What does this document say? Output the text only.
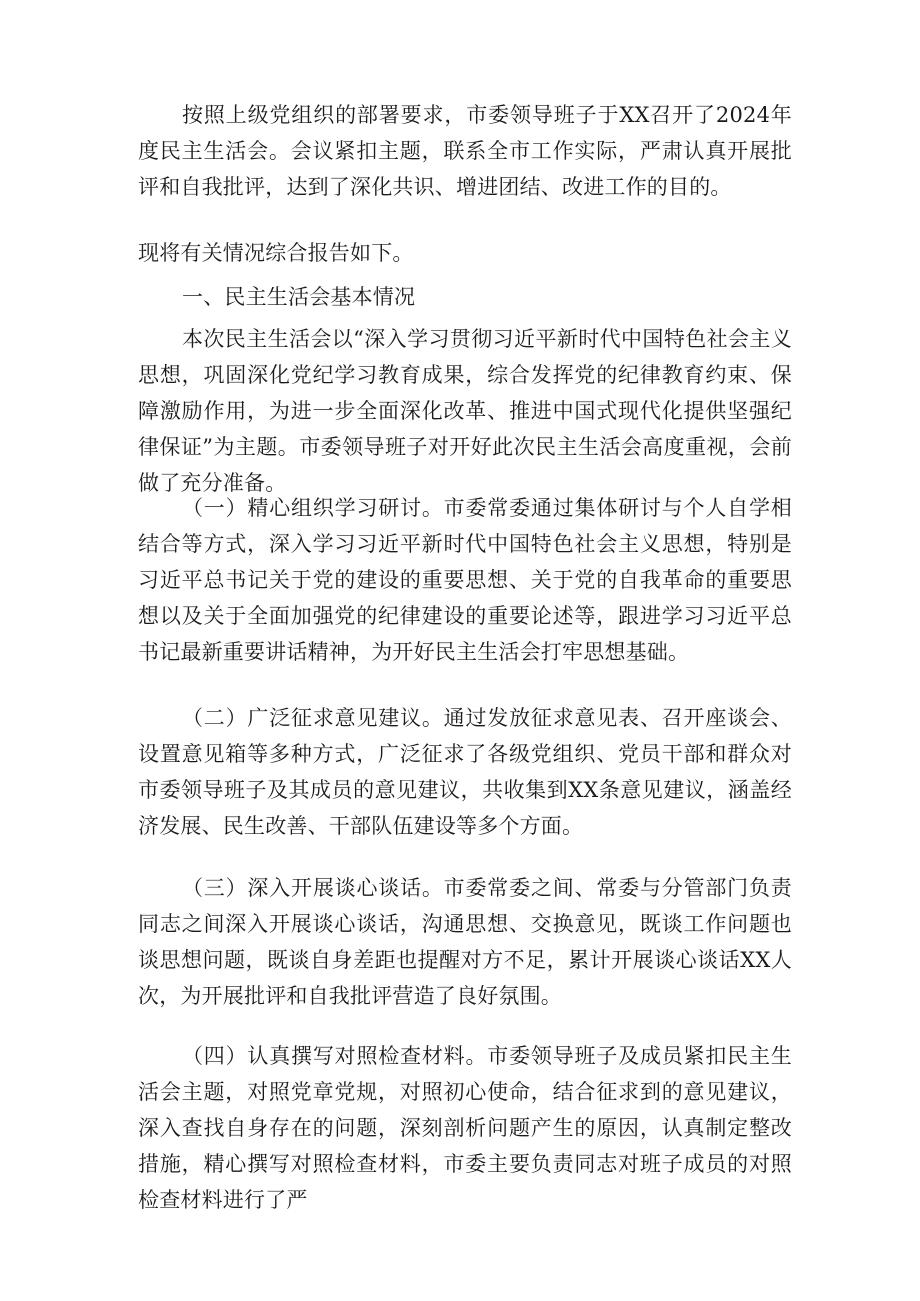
按照上级党组织的部署要求，市委领导班子于XX召开了2024年度民主生活会。会议紧扣主题，联系全市工作实际，严肃认真开展批评和自我批评，达到了深化共识、增进团结、改进工作的目的。

现将有关情况综合报告如下。

一、民主生活会基本情况

本次民主生活会以“深入学习贯彻习近平新时代中国特色社会主义思想，巩固深化党纪学习教育成果，综合发挥党的纪律教育约束、保障激励作用，为进一步全面深化改革、推进中国式现代化提供坚强纪律保证”为主题。市委领导班子对开好此次民主生活会高度重视，会前做了充分准备。

（一）精心组织学习研讨。市委常委通过集体研讨与个人自学相结合等方式，深入学习习近平新时代中国特色社会主义思想，特别是习近平总书记关于党的建设的重要思想、关于党的自我革命的重要思想以及关于全面加强党的纪律建设的重要论述等，跟进学习习近平总书记最新重要讲话精神，为开好民主生活会打牢思想基础。

（二）广泛征求意见建议。通过发放征求意见表、召开座谈会、设置意见箱等多种方式，广泛征求了各级党组织、党员干部和群众对市委领导班子及其成员的意见建议，共收集到XX条意见建议，涵盖经济发展、民生改善、干部队伍建设等多个方面。

（三）深入开展谈心谈话。市委常委之间、常委与分管部门负责同志之间深入开展谈心谈话，沟通思想、交换意见，既谈工作问题也谈思想问题，既谈自身差距也提醒对方不足，累计开展谈心谈话XX人次，为开展批评和自我批评营造了良好氛围。

（四）认真撰写对照检查材料。市委领导班子及成员紧扣民主生活会主题，对照党章党规，对照初心使命，结合征求到的意见建议，深入查找自身存在的问题，深刻剖析问题产生的原因，认真制定整改措施，精心撰写对照检查材料，市委主要负责同志对班子成员的对照检查材料进行了严
